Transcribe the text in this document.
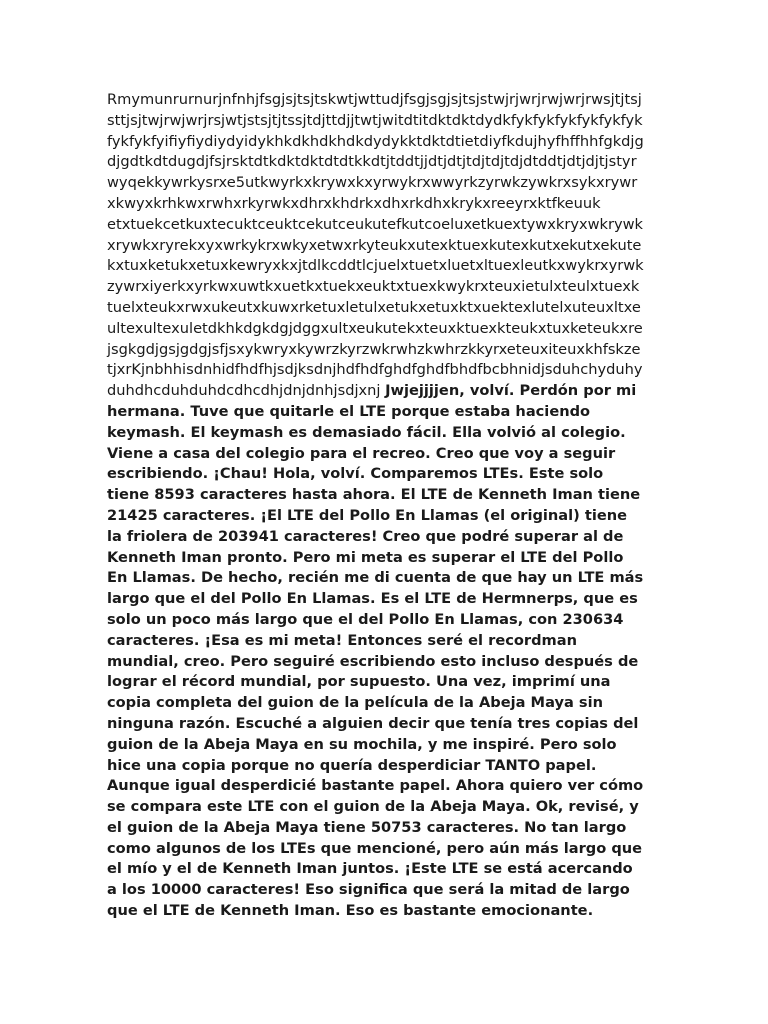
Rmymunrurnurjnfnhjfsgjsjtsjtskwtjwttudjfsgjsgjsjtsjstwjrjwrjrwjwrjrwsjtjtsj
sttjsjtwjrwjwrjrsjwtjstsjtjtssjtdjttdjjtwtjwitdtitdktdktdydkfykfykfykfykfykfyk
fykfykfyifiyfiydiydyidykhkdkhdkhdkdydykktdktdtietdiyfkdujhyfhffhhfgkdjg
djgdtkdtdugdjfsjrsktdtkdktdktdtdtkkdtjtddtjjdtjdtjtdjtdjtdjdtddtjdtjdjtjstyr
wyqekkywrkysrxe5utkwyrkxkrywxkxyrwykrxwwyrkzyrwkzywkrxsykxrywr
xkwyxkrhkwxrwhxrkyrwkxdhrxkhdrkxdhxrkdhxkrykxreeyrxktfkeuuk
etxtuekcetkuxtecuktceuktcekutceukutefkutcoeluxetkuextywxkryxwkrywk
xrywkxryrekxyxwrkykrxwkyxetwxrkyteukxutexktuexkutexkutxekutxekute
kxtuxketukxetuxkewryxkxjtdlkcddtlcjuelxtuetxluetxltuexleutkxwykrxyrwk
zywrxiyerkxyrkwxuwtkxuetkxtuekxeuktxtuexkwykrxteuxietulxteulxtuexk
tuelxteukxrwxukeutxkuwxrketuxletulxetukxetuxktxuektexlutelxuteuxltxe
ultexultexuletdkhkdgkdgjdggxultxeukutekxteuxktuexkteukxtuxketeukxre
jsgkgdjgsjgdgjsfjsxykwryxkywrzkyrzwkrwhzkwhrzkkyrxeteuxiteuxkhfskze
tjxrKjnbhhisdnhidfhdfhjsdjksdnjhdfhdfghdfghdfbhdfbcbhnidjsduhchyduhy
duhdhcduhduhdcdhcdhjdnjdnhjsdjxnj Jwjejjjjen, volví. Perdón por mi
hermana. Tuve que quitarle el LTE porque estaba haciendo
keymash. El keymash es demasiado fácil. Ella volvió al colegio.
Viene a casa del colegio para el recreo. Creo que voy a seguir
escribiendo. ¡Chau! Hola, volví. Comparemos LTEs. Este solo
tiene 8593 caracteres hasta ahora. El LTE de Kenneth Iman tiene
21425 caracteres. ¡El LTE del Pollo En Llamas (el original) tiene
la friolera de 203941 caracteres! Creo que podré superar al de
Kenneth Iman pronto. Pero mi meta es superar el LTE del Pollo
En Llamas. De hecho, recién me di cuenta de que hay un LTE más
largo que el del Pollo En Llamas. Es el LTE de Hermnerps, que es
solo un poco más largo que el del Pollo En Llamas, con 230634
caracteres. ¡Esa es mi meta! Entonces seré el recordman
mundial, creo. Pero seguiré escribiendo esto incluso después de
lograr el récord mundial, por supuesto. Una vez, imprimí una
copia completa del guion de la película de la Abeja Maya sin
ninguna razón. Escuché a alguien decir que tenía tres copias del
guion de la Abeja Maya en su mochila, y me inspiré. Pero solo
hice una copia porque no quería desperdiciar TANTO papel.
Aunque igual desperdicié bastante papel. Ahora quiero ver cómo
se compara este LTE con el guion de la Abeja Maya. Ok, revisé, y
el guion de la Abeja Maya tiene 50753 caracteres. No tan largo
como algunos de los LTEs que mencioné, pero aún más largo que
el mío y el de Kenneth Iman juntos. ¡Este LTE se está acercando
a los 10000 caracteres! Eso significa que será la mitad de largo
que el LTE de Kenneth Iman. Eso es bastante emocionante.
